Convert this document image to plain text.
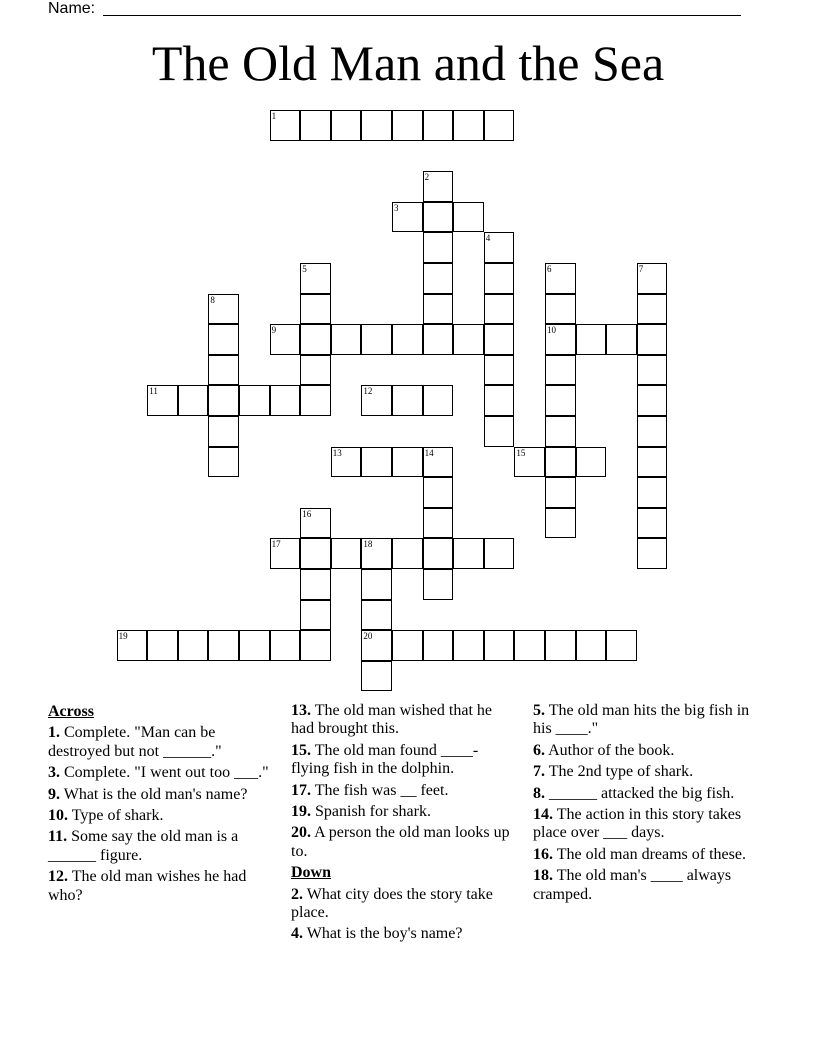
Name:
The Old Man and the Sea
1
2
3
4
5	6	7
8
9	10
11	12
13	14	15
16
17	18
19	20
Across
1. Complete. "Man can be destroyed but not ______."
3. Complete. "I went out too ___."
9. What is the old man's name?
10. Type of shark.
11. Some say the old man is a ______ figure.
12. The old man wishes he had who?
13. The old man wished that he had brought this.
15. The old man found ____-flying fish in the dolphin.
17. The fish was __ feet.
19. Spanish for shark.
20. A person the old man looks up to.
Down
2. What city does the story take place.
4. What is the boy's name?
5. The old man hits the big fish in his ____."
6. Author of the book.
7. The 2nd type of shark.
8. ______ attacked the big fish.
14. The action in this story takes place over ___ days.
16. The old man dreams of these.
18. The old man's ____ always cramped.
